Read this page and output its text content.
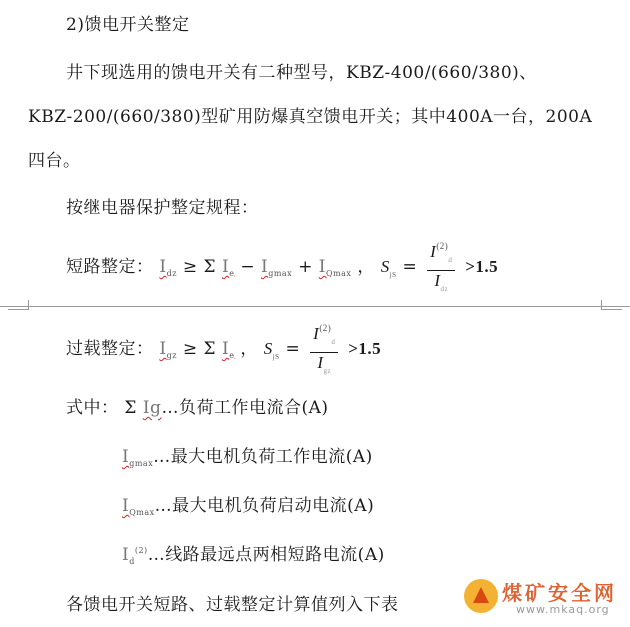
2)馈电开关整定
井下现选用的馈电开关有二种型号，KBZ-400/(660/380)、
KBZ-200/(660/380)型矿用防爆真空馈电开关；其中400A一台，200A
四台。
按继电器保护整定规程：
短路整定： $I_{dz} \ge \Sigma$ $I_e - I_{gmax} + I_{Qmax}$ ， $S_{jS} = \frac{I^{(2)}_d}{I_{dz}} >1.5$
过载整定： $I_{gz} \ge \Sigma$ $I_e$ ， $S_{jS} = \frac{I^{(2)}_d}{I_{gz}} >1.5$
式中： Σ Ig…负荷工作电流合(A)
$I_{gmax}\dots$最大电机负荷工作电流(A)
$I_{Qmax}\dots$最大电机负荷启动电流(A)
$I_d^{(2)}\dots$线路最远点两相短路电流(A)
各馈电开关短路、过载整定计算值列入下表	煤矿安全网
www.mkaq.org
